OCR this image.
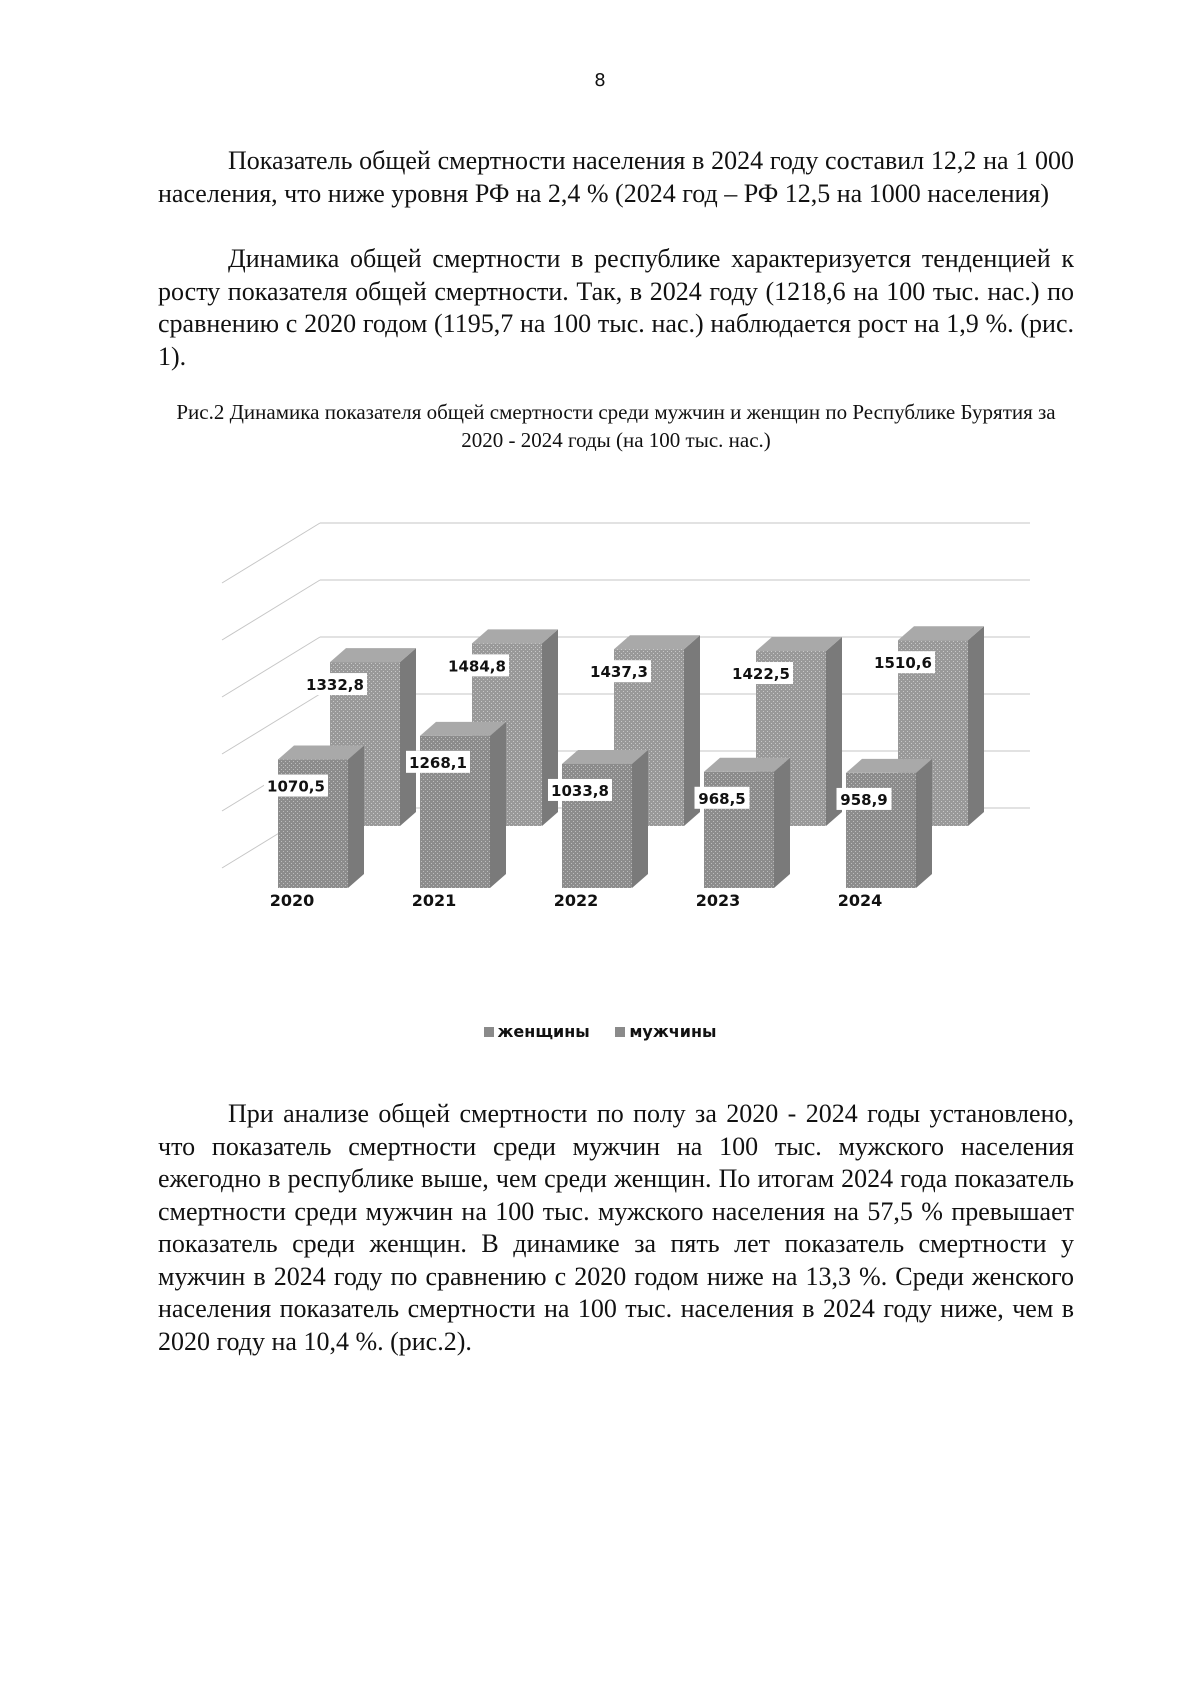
8

Показатель общей смертности населения в 2024 году составил 12,2 на 1 000 населения, что ниже уровня РФ на 2,4 % (2024 год – РФ 12,5 на 1000 населения)

Динамика общей смертности в республике характеризуется тенденцией к росту показателя общей смертности. Так, в 2024 году (1218,6 на 100 тыс. нас.) по сравнению с 2020 годом (1195,7 на 100 тыс. нас.) наблюдается рост на 1,9 %. (рис. 1).

Рис.2 Динамика показателя общей смертности среди мужчин и женщин по Республике Бурятия за 2020 - 2024 годы (на 100 тыс. нас.)

1332,8
1070,5
2020
1484,8
1268,1
2021
1437,3
1033,8
2022
1422,5
968,5
2023
1510,6
958,9
2024
женщины мужчины

При анализе общей смертности по полу за 2020 - 2024 годы установлено, что показатель смертности среди мужчин на 100 тыс. мужского населения ежегодно в республике выше, чем среди женщин. По итогам 2024 года показатель смертности среди мужчин на 100 тыс. мужского населения на 57,5 % превышает показатель среди женщин. В динамике за пять лет показатель смертности у мужчин в 2024 году по сравнению с 2020 годом ниже на 13,3 %. Среди женского населения показатель смертности на 100 тыс. населения в 2024 году ниже, чем в 2020 году на 10,4 %. (рис.2).
